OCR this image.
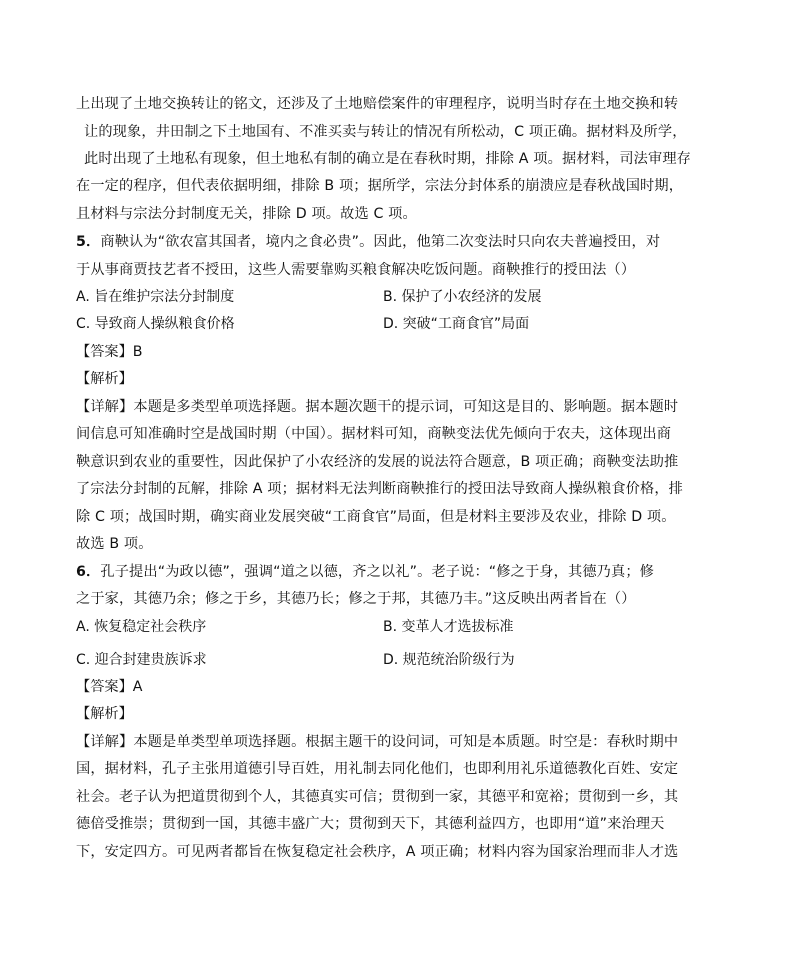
上出现了土地交换转让的铭文，还涉及了土地赔偿案件的审理程序，说明当时存在土地交换和转
让的现象，井田制之下土地国有、不准买卖与转让的情况有所松动，C 项正确。据材料及所学，
此时出现了土地私有现象，但土地私有制的确立是在春秋时期，排除 A 项。据材料，司法审理存
在一定的程序，但代表依据明细，排除 B 项；据所学，宗法分封体系的崩溃应是春秋战国时期，
且材料与宗法分封制度无关，排除 D 项。故选 C 项。
5．商鞅认为“欲农富其国者，境内之食必贵”。因此，他第二次变法时只向农夫普遍授田，对
于从事商贾技艺者不授田，这些人需要靠购买粮食解决吃饭问题。商鞅推行的授田法（）
A. 旨在维护宗法分封制度	B. 保护了小农经济的发展
C. 导致商人操纵粮食价格	D. 突破“工商食官”局面
【答案】B
【解析】
【详解】本题是多类型单项选择题。据本题次题干的提示词，可知这是目的、影响题。据本题时
间信息可知准确时空是战国时期（中国）。据材料可知，商鞅变法优先倾向于农夫，这体现出商
鞅意识到农业的重要性，因此保护了小农经济的发展的说法符合题意，B 项正确；商鞅变法助推
了宗法分封制的瓦解，排除 A 项；据材料无法判断商鞅推行的授田法导致商人操纵粮食价格，排
除 C 项；战国时期，确实商业发展突破“工商食官”局面，但是材料主要涉及农业，排除 D 项。
故选 B 项。
6．孔子提出“为政以德”，强调“道之以德，齐之以礼”。老子说：“修之于身，其德乃真；修
之于家，其德乃余；修之于乡，其德乃长；修之于邦，其德乃丰。”这反映出两者旨在（）
A. 恢复稳定社会秩序	B. 变革人才选拔标准
C. 迎合封建贵族诉求	D. 规范统治阶级行为
【答案】A
【解析】
【详解】本题是单类型单项选择题。根据主题干的设问词，可知是本质题。时空是：春秋时期中
国，据材料，孔子主张用道德引导百姓，用礼制去同化他们，也即利用礼乐道德教化百姓、安定
社会。老子认为把道贯彻到个人，其德真实可信；贯彻到一家，其德平和宽裕；贯彻到一乡，其
德倍受推崇；贯彻到一国，其德丰盛广大；贯彻到天下，其德利益四方，也即用“道”来治理天
下，安定四方。可见两者都旨在恢复稳定社会秩序，A 项正确；材料内容为国家治理而非人才选
